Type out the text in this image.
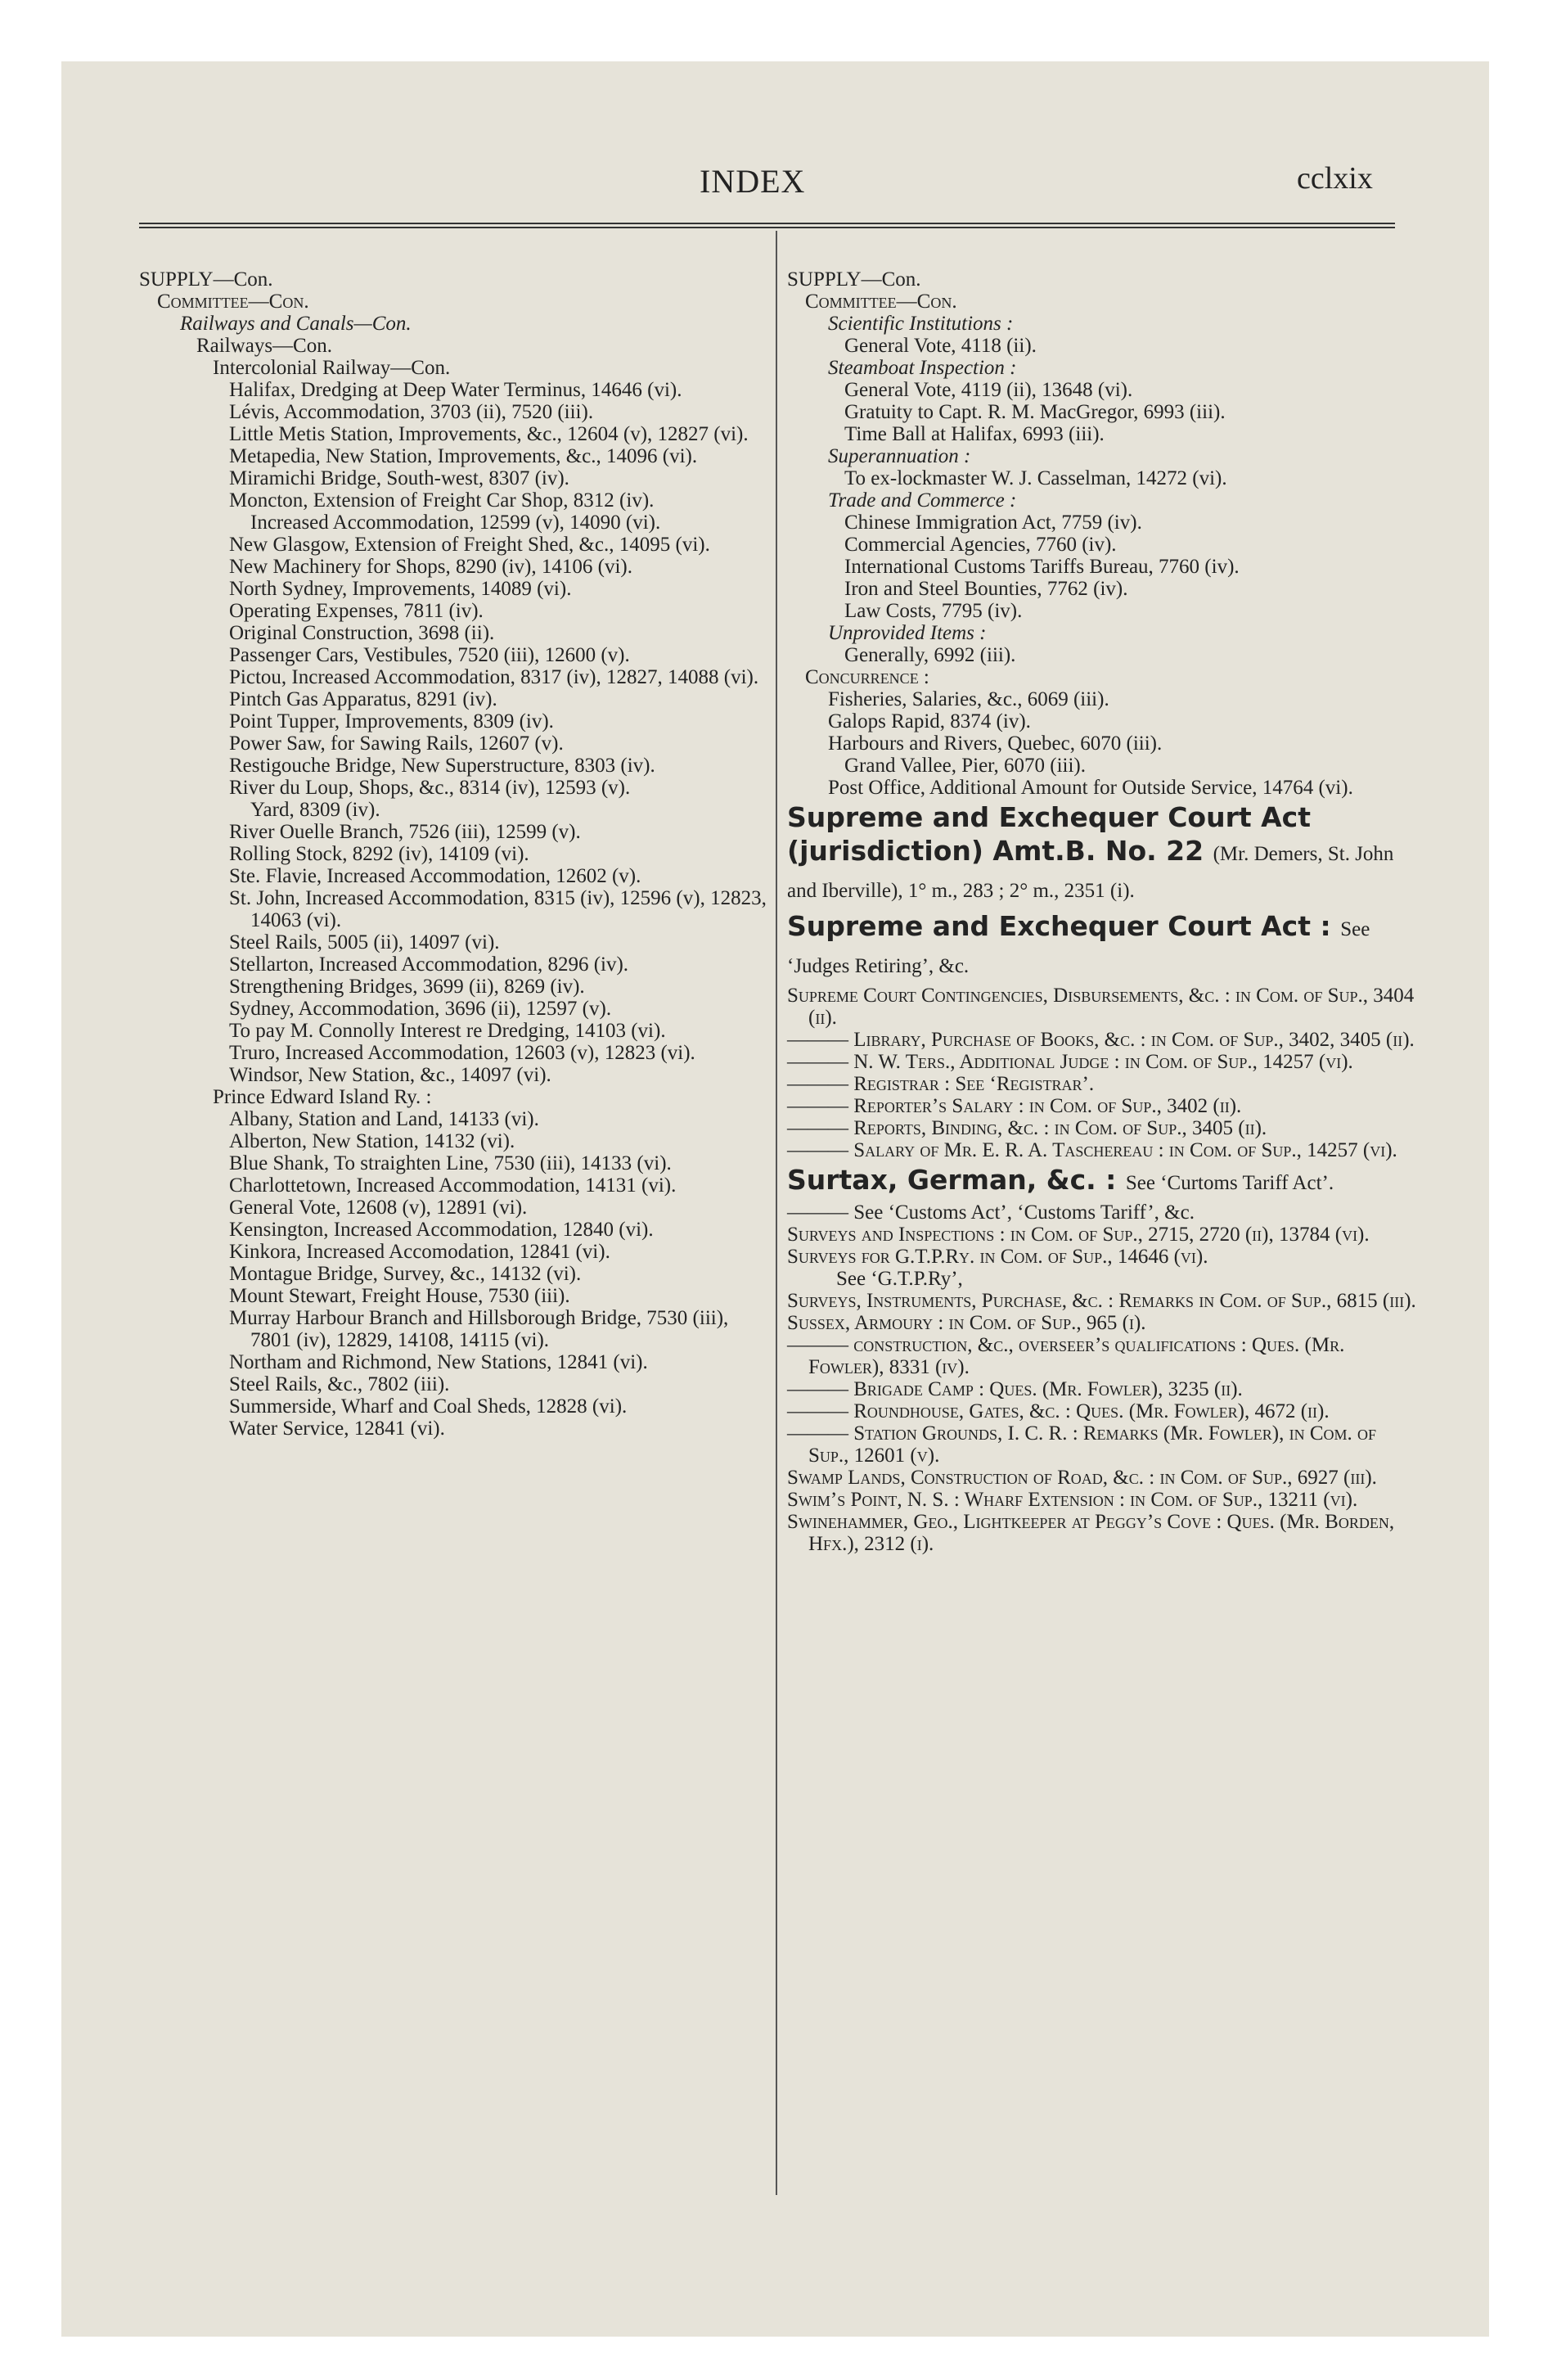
INDEX	cclxix
SUPPLY—Con.
Committee—Con.
Railways and Canals—Con.
Railways—Con.
Intercolonial Railway—Con.
Halifax, Dredging at Deep Water Terminus, 14646 (vi).
Lévis, Accommodation, 3703 (ii), 7520 (iii).
Little Metis Station, Improvements, &c., 12604 (v), 12827 (vi).
Metapedia, New Station, Improvements, &c., 14096 (vi).
Miramichi Bridge, South-west, 8307 (iv).
Moncton, Extension of Freight Car Shop, 8312 (iv).
Increased Accommodation, 12599 (v), 14090 (vi).
New Glasgow, Extension of Freight Shed, &c., 14095 (vi).
New Machinery for Shops, 8290 (iv), 14106 (vi).
North Sydney, Improvements, 14089 (vi).
Operating Expenses, 7811 (iv).
Original Construction, 3698 (ii).
Passenger Cars, Vestibules, 7520 (iii), 12600 (v).
Pictou, Increased Accommodation, 8317 (iv), 12827, 14088 (vi).
Pintch Gas Apparatus, 8291 (iv).
Point Tupper, Improvements, 8309 (iv).
Power Saw, for Sawing Rails, 12607 (v).
Restigouche Bridge, New Superstructure, 8303 (iv).
River du Loup, Shops, &c., 8314 (iv), 12593 (v).
Yard, 8309 (iv).
River Ouelle Branch, 7526 (iii), 12599 (v).
Rolling Stock, 8292 (iv), 14109 (vi).
Ste. Flavie, Increased Accommodation, 12602 (v).
St. John, Increased Accommodation, 8315 (iv), 12596 (v), 12823, 14063 (vi).
Steel Rails, 5005 (ii), 14097 (vi).
Stellarton, Increased Accommodation, 8296 (iv).
Strengthening Bridges, 3699 (ii), 8269 (iv).
Sydney, Accommodation, 3696 (ii), 12597 (v).
To pay M. Connolly Interest re Dredging, 14103 (vi).
Truro, Increased Accommodation, 12603 (v), 12823 (vi).
Windsor, New Station, &c., 14097 (vi).
Prince Edward Island Ry. :
Albany, Station and Land, 14133 (vi).
Alberton, New Station, 14132 (vi).
Blue Shank, To straighten Line, 7530 (iii), 14133 (vi).
Charlottetown, Increased Accommodation, 14131 (vi).
General Vote, 12608 (v), 12891 (vi).
Kensington, Increased Accommodation, 12840 (vi).
Kinkora, Increased Accomodation, 12841 (vi).
Montague Bridge, Survey, &c., 14132 (vi).
Mount Stewart, Freight House, 7530 (iii).
Murray Harbour Branch and Hillsborough Bridge, 7530 (iii), 7801 (iv), 12829, 14108, 14115 (vi).
Northam and Richmond, New Stations, 12841 (vi).
Steel Rails, &c., 7802 (iii).
Summerside, Wharf and Coal Sheds, 12828 (vi).
Water Service, 12841 (vi).
SUPPLY—Con.
Committee—Con.
Scientific Institutions :
General Vote, 4118 (ii).
Steamboat Inspection :
General Vote, 4119 (ii), 13648 (vi).
Gratuity to Capt. R. M. MacGregor, 6993 (iii).
Time Ball at Halifax, 6993 (iii).
Superannuation :
To ex-lockmaster W. J. Casselman, 14272 (vi).
Trade and Commerce :
Chinese Immigration Act, 7759 (iv).
Commercial Agencies, 7760 (iv).
International Customs Tariffs Bureau, 7760 (iv).
Iron and Steel Bounties, 7762 (iv).
Law Costs, 7795 (iv).
Unprovided Items :
Generally, 6992 (iii).
Concurrence :
Fisheries, Salaries, &c., 6069 (iii).
Galops Rapid, 8374 (iv).
Harbours and Rivers, Quebec, 6070 (iii).
Grand Vallee, Pier, 6070 (iii).
Post Office, Additional Amount for Outside Service, 14764 (vi).
Supreme and Exchequer Court Act (jurisdiction) Amt.B. No. 22 (Mr. Demers, St. John and Iberville), 1° m., 283 ; 2° m., 2351 (i).
Supreme and Exchequer Court Act : See ‘Judges Retiring’, &c.
Supreme Court Contingencies, Disbursements, &c. : in Com. of Sup., 3404 (ii).
——— Library, Purchase of Books, &c. : in Com. of Sup., 3402, 3405 (ii).
——— N. W. Ters., Additional Judge : in Com. of Sup., 14257 (vi).
——— Registrar : See ‘Registrar’.
——— Reporter’s Salary : in Com. of Sup., 3402 (ii).
——— Reports, Binding, &c. : in Com. of Sup., 3405 (ii).
——— Salary of Mr. E. R. A. Taschereau : in Com. of Sup., 14257 (vi).
Surtax, German, &c. : See ‘Curtoms Tariff Act’.
——— See ‘Customs Act’, ‘Customs Tariff’, &c.
Surveys and Inspections : in Com. of Sup., 2715, 2720 (ii), 13784 (vi).
Surveys for G.T.P.Ry. in Com. of Sup., 14646 (vi).
See ‘G.T.P.Ry’,
Surveys, Instruments, Purchase, &c. : Remarks in Com. of Sup., 6815 (iii).
Sussex, Armoury : in Com. of Sup., 965 (i).
——— construction, &c., overseer’s qualifications : Ques. (Mr. Fowler), 8331 (iv).
——— Brigade Camp : Ques. (Mr. Fowler), 3235 (ii).
——— Roundhouse, Gates, &c. : Ques. (Mr. Fowler), 4672 (ii).
——— Station Grounds, I. C. R. : Remarks (Mr. Fowler), in Com. of Sup., 12601 (v).
Swamp Lands, Construction of Road, &c. : in Com. of Sup., 6927 (iii).
Swim’s Point, N. S. : Wharf Extension : in Com. of Sup., 13211 (vi).
Swinehammer, Geo., Lightkeeper at Peggy’s Cove : Ques. (Mr. Borden, Hfx.), 2312 (i).
